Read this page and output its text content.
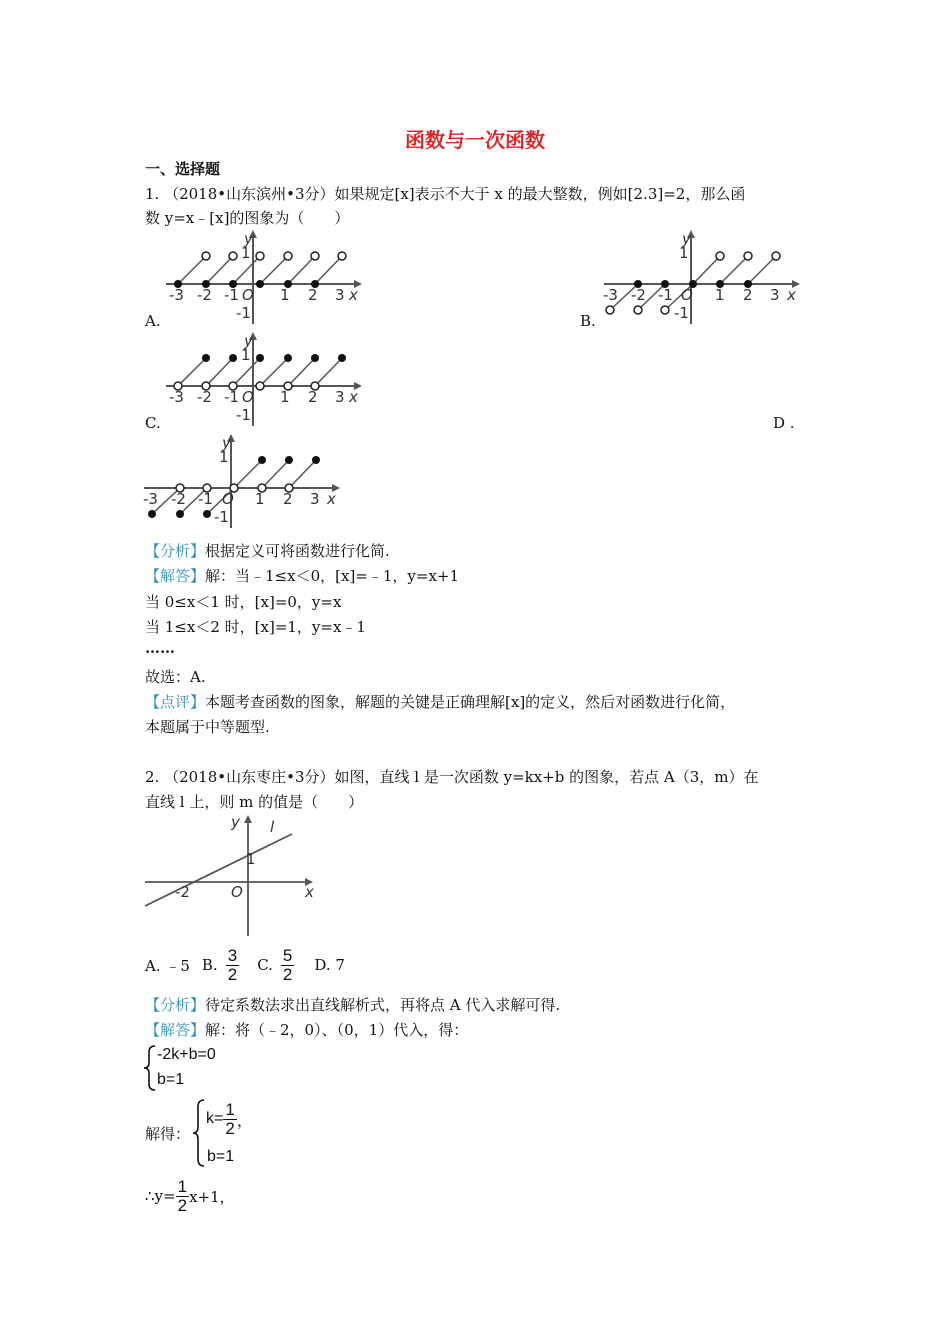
函数与一次函数
一、选择题
1. （2018•山东滨州•3分）如果规定[x]表示不大于 x 的最大整数，例如[2.3]=2，那么函
数 y=x﹣[x]的图象为（　　）
-3 -2 -1	1 2 3
O	x
y
1
-1
A.
-3 -2 -1	1 2 3
O	x
y
1
-1
B.
-3 -2 -1	1 2 3
O	x
y
1
-1
C.	D .
-3 -2 -1	1 2 3
O	x
y
1
-1
【分析】根据定义可将函数进行化简.
【解答】解：当﹣1≤x＜0，[x]=﹣1，y=x+1
当 0≤x＜1 时，[x]=0，y=x
当 1≤x＜2 时，[x]=1，y=x﹣1
……
故选：A.
【点评】本题考查函数的图象，解题的关键是正确理解[x]的定义，然后对函数进行化简，
本题属于中等题型.
2. （2018•山东枣庄•3分）如图，直线 l 是一次函数 y=kx+b 的图象，若点 A（3，m）在
直线 l 上，则 m 的值是（　　）
y l
O	x
1
-2
A. ﹣5 B. $\frac{3}{2} C$. $\frac{5}{2} D$. 7
【分析】待定系数法求出直线解析式，再将点 A 代入求解可得.
【解答】解：将（﹣2，0）、（0，1）代入，得：
-2k+b=0
b=1
解得：
$k= \frac{1}{2}$ ，
b=1
∴y= $\frac{1}{2} x+1$，
